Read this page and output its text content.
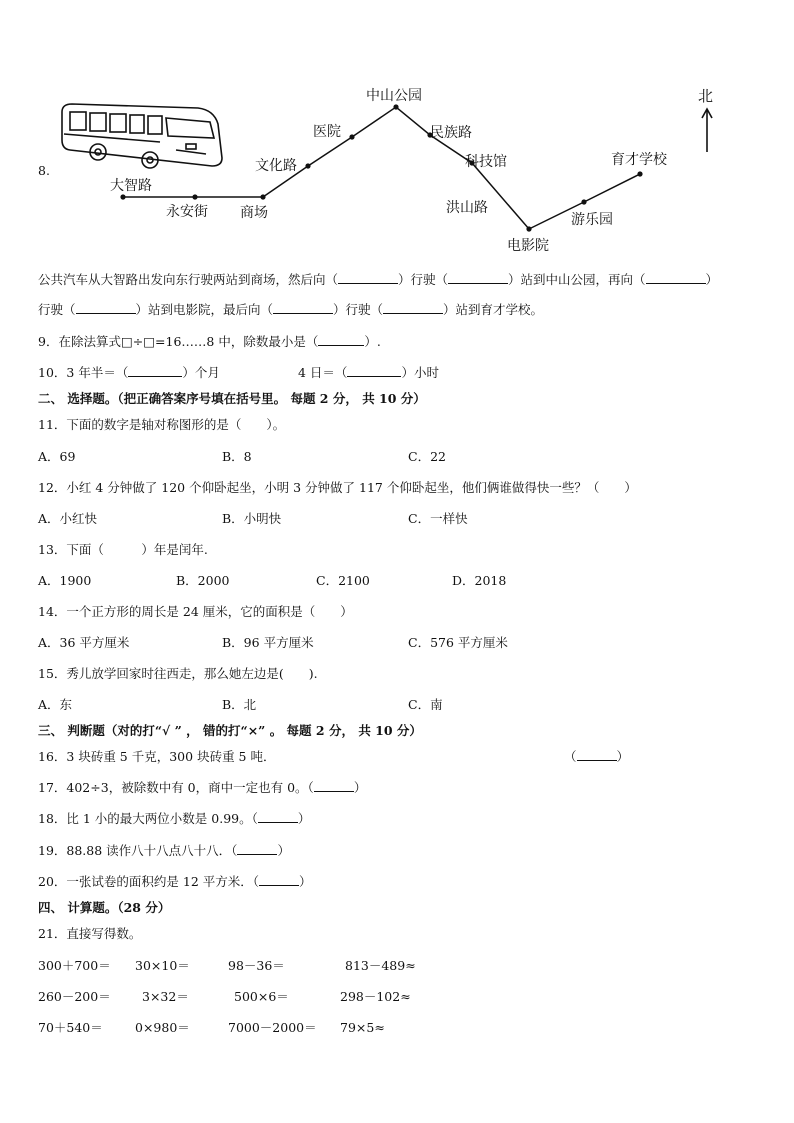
8.
大智路
永安街 商场
文化路
医院
中山公园
民族路
科技馆
洪山路
电影院
游乐园
育才学校
北
公共汽车从大智路出发向东行驶两站到商场，然后向（	）行驶（	）站到中山公园，再向（	）
行驶（	）站到电影院，最后向（	）行驶（	）站到育才学校。
9．在除法算式□÷□=16……8 中，除数最小是（	）.
10．3 年半＝（	）个月	4 日＝（	）小时
二、 选择题。（把正确答案序号填在括号里。 每题 2 分， 共 10 分）
11．下面的数字是轴对称图形的是（　　）。
A．69	B．8	C．22
12．小红 4 分钟做了 120 个仰卧起坐，小明 3 分钟做了 117 个仰卧起坐，他们俩谁做得快一些？（　　）
A．小红快	B．小明快	C．一样快
13．下面（　　　）年是闰年.
A．1900	B．2000	C．2100	D．2018
14．一个正方形的周长是 24 厘米，它的面积是（　　）
A．36 平方厘米	B．96 平方厘米	C．576 平方厘米
15．秀儿放学回家时往西走，那么她左边是(　　).
A．东	B．北	C．南
三、 判断题（对的打“√ ” ， 错的打“×” 。 每题 2 分， 共 10 分）
16．3 块砖重 5 千克，300 块砖重 5 吨．	（	）
17．402÷3，被除数中有 0，商中一定也有 0。（	）
18．比 1 小的最大两位小数是 0.99。（	）
19．88.88 读作八十八点八十八．（	）
20．一张试卷的面积约是 12 平方米．（	）
四、 计算题。（28 分）
21．直接写得数。
300＋700＝ 30×10＝	98－36＝	813－489≈
260－200＝	3×32＝	500×6＝	298－102≈
70＋540＝	0×980＝	7000－2000＝ 79×5≈
